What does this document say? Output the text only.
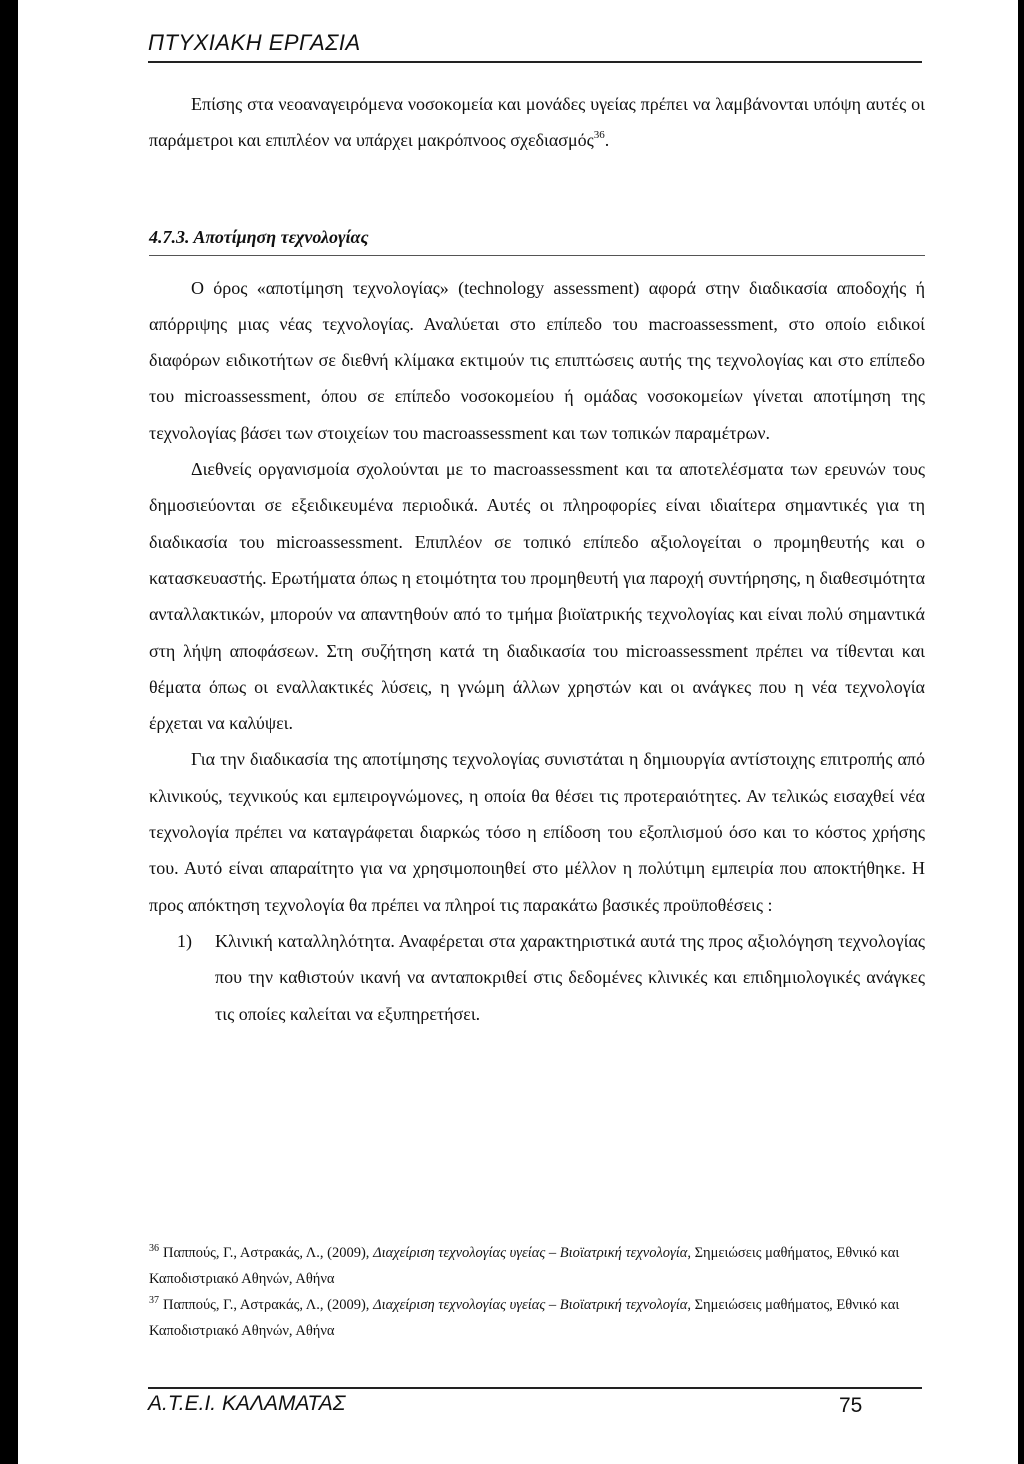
ΠΤΥΧΙΑΚΗ ΕΡΓΑΣΙΑ

Επίσης στα νεοαναγειρόμενα νοσοκομεία και μονάδες υγείας πρέπει να λαμβάνονται υπόψη αυτές οι παράμετροι και επιπλέον να υπάρχει μακρόπνοος σχεδιασμός$^{36}$.

4.7.3. Αποτίμηση τεχνολογίας

Ο όρος «αποτίμηση τεχνολογίας» (technology assessment) αφορά στην διαδικασία αποδοχής ή απόρριψης μιας νέας τεχνολογίας. Αναλύεται στο επίπεδο του macroassessment, στο οποίο ειδικοί διαφόρων ειδικοτήτων σε διεθνή κλίμακα εκτιμούν τις επιπτώσεις αυτής της τεχνολογίας και στο επίπεδο του microassessment, όπου σε επίπεδο νοσοκομείου ή ομάδας νοσοκομείων γίνεται αποτίμηση της τεχνολογίας βάσει των στοιχείων του macroassessment και των τοπικών παραμέτρων.

Διεθνείς οργανισμοία σχολούνται με το macroassessment και τα αποτελέσματα των ερευνών τους δημοσιεύονται σε εξειδικευμένα περιοδικά. Αυτές οι πληροφορίες είναι ιδιαίτερα σημαντικές για τη διαδικασία του microassessment. Επιπλέον σε τοπικό επίπεδο αξιολογείται ο προμηθευτής και ο κατασκευαστής. Ερωτήματα όπως η ετοιμότητα του προμηθευτή για παροχή συντήρησης, η διαθεσιμότητα ανταλλακτικών, μπορούν να απαντηθούν από το τμήμα βιοϊατρικής τεχνολογίας και είναι πολύ σημαντικά στη λήψη αποφάσεων. Στη συζήτηση κατά τη διαδικασία του microassessment πρέπει να τίθενται και θέματα όπως οι εναλλακτικές λύσεις, η γνώμη άλλων χρηστών και οι ανάγκες που η νέα τεχνολογία έρχεται να καλύψει.

Για την διαδικασία της αποτίμησης τεχνολογίας συνιστάται η δημιουργία αντίστοιχης επιτροπής από κλινικούς, τεχνικούς και εμπειρογνώμονες, η οποία θα θέσει τις προτεραιότητες. Αν τελικώς εισαχθεί νέα τεχνολογία πρέπει να καταγράφεται διαρκώς τόσο η επίδοση του εξοπλισμού όσο και το κόστος χρήσης του. Αυτό είναι απαραίτητο για να χρησιμοποιηθεί στο μέλλον η πολύτιμη εμπειρία που αποκτήθηκε. Η προς απόκτηση τεχνολογία θα πρέπει να πληροί τις παρακάτω βασικές προϋποθέσεις :

1)	Κλινική καταλληλότητα. Αναφέρεται στα χαρακτηριστικά αυτά της προς αξιολόγηση τεχνολογίας που την καθιστούν ικανή να ανταποκριθεί στις δεδομένες κλινικές και επιδημιολογικές ανάγκες τις οποίες καλείται να εξυπηρετήσει.

$^{36}$ Παππούς, Γ., Αστρακάς, Λ., (2009), Διαχείριση τεχνολογίας υγείας – Βιοϊατρική τεχνολογία, Σημειώσεις μαθήματος, Εθνικό και Καποδιστριακό Αθηνών, Αθήνα

$^{37}$ Παππούς, Γ., Αστρακάς, Λ., (2009), Διαχείριση τεχνολογίας υγείας – Βιοϊατρική τεχνολογία, Σημειώσεις μαθήματος, Εθνικό και Καποδιστριακό Αθηνών, Αθήνα

Α.Τ.Ε.Ι. ΚΑΛΑΜΑΤΑΣ	75
